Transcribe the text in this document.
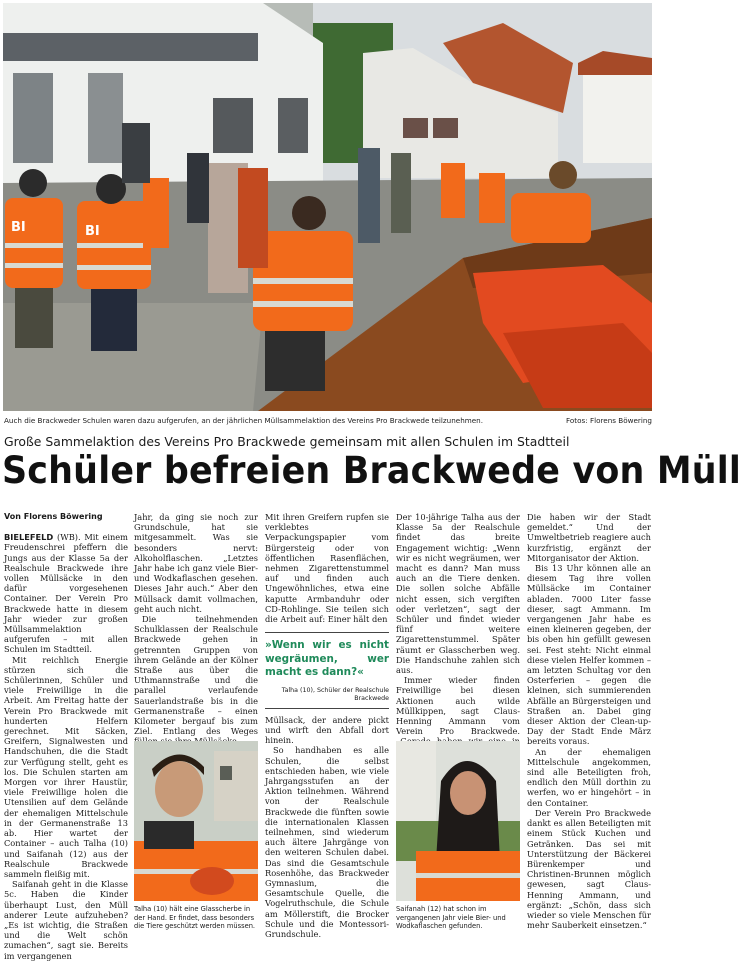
BI	BI
Auch die Brackweder Schulen waren dazu aufgerufen, an der jährlichen Müllsammelaktion des Vereins Pro Brackwede teilzunehmen.	Fotos: Florens Böwering
Große Sammelaktion des Vereins Pro Brackwede gemeinsam mit allen Schulen im Stadtteil
Schüler befreien Brackwede von Müll

Von Florens Böwering

BIELEFELD (WB). Mit einem Freudenschrei pfeffern die Jungs aus der Klasse 5a der Realschule Brackwede ihre vollen Müllsäcke in den dafür vorgesehenen Container. Der Verein Pro Brackwede hatte in diesem Jahr wieder zur großen Müllsammelaktion aufgerufen – mit allen Schulen im Stadtteil.

Mit reichlich Energie stürzen sich die Schülerinnen, Schüler und viele Freiwillige in die Arbeit. Am Freitag hatte der Verein Pro Brackwede mit hunderten Helfern gerechnet. Mit Säcken, Greifern, Signalwesten und Handschuhen, die die Stadt zur Verfügung stellt, geht es los. Die Schulen starten am Morgen vor ihrer Haustür, viele Freiwillige holen die Utensilien auf dem Gelände der ehemaligen Mittelschule in der Germanenstraße 13 ab. Hier wartet der Container – auch Talha (10) und Saifanah (12) aus der Realschule Brackwede sammeln fleißig mit.

Saifanah geht in die Klasse 5c. Haben die Kinder überhaupt Lust, den Müll anderer Leute aufzuheben? „Es ist wichtig, die Straßen und die Welt schön zumachen“, sagt sie. Bereits im vergangenen

Jahr, da ging sie noch zur Grundschule, hat sie mitgesammelt. Was sie besonders nervt: Alkoholflaschen. „Letztes Jahr habe ich ganz viele Bier- und Wodkaflaschen gesehen. Dieses Jahr auch.“ Aber den Müllsack damit vollmachen, geht auch nicht.

Die teilnehmenden Schulklassen der Realschule Brackwede gehen in getrennten Gruppen von ihrem Gelände an der Kölner Straße aus über die Uthmannstraße und die parallel verlaufende Sauerlandstraße bis in die Germanenstraße – einen Kilometer bergauf bis zum Ziel. Entlang des Weges

Talha (10) hält eine Glasscherbe in der Hand. Er findet, dass besonders die Tiere geschützt werden müssen.

Mit ihren Greifern rupfen sie verklebtes Verpackungspapier vom Bürgersteig oder von öffentlichen Rasenflächen, nehmen Zigarettenstummel auf und finden auch Ungewöhnliches, etwa eine kaputte Armbanduhr oder CD-Rohlinge. Sie teilen sich die Arbeit auf: Einer hält den

»Wenn wir es nicht wegräumen, wer macht es dann?«
Talha (10), Schüler der Realschule Brackwede

Müllsack, der andere pickt und wirft den Abfall dort hinein.

So handhaben es alle Schulen, die selbst entschieden haben, wie viele Jahrgangsstufen an der Aktion teilnehmen. Während von der Realschule Brackwede die fünften sowie die internationalen Klassen teilnehmen, sind wiederum auch ältere Jahrgänge von den weiteren Schulen dabei. Das sind die Gesamtschule Rosenhöhe, das Brackweder Gymnasium, die Gesamtschule Quelle, die Vogelruthschule, die Schule am Möllerstift, die Brocker Schule und die Montessori-Grundschule.

Der 10-jährige Talha aus der Klasse 5a der Realschule findet das breite Engagement wichtig: „Wenn wir es nicht wegräumen, wer macht es dann? Man muss auch an die Tiere denken. Die sollen solche Abfälle nicht essen, sich vergiften oder verletzen“, sagt der Schüler und findet wieder fünf weitere Zigarettenstummel. Später räumt er Glasscherben weg. Die Handschuhe zahlen sich aus.

Immer wieder finden Freiwillige bei diesen Aktionen auch wilde Müllkippen, sagt Claus-Henning Ammann vom Verein Pro Brackwede.

Saifanah (12) hat schon im vergangenen Jahr viele Bier- und Wodkaflaschen gefunden.

Die haben wir der Stadt gemeldet.“ Und der Umweltbetrieb reagiere auch kurzfristig, ergänzt der Mitorganisator der Aktion.

Bis 13 Uhr können alle an diesem Tag ihre vollen Müllsäcke im Container abladen. 7000 Liter fasse dieser, sagt Ammann. Im vergangenen Jahr habe es einen kleineren gegeben, der bis oben hin gefüllt gewesen sei. Fest steht: Nicht einmal diese vielen Helfer kommen – am letzten Schultag vor den Osterferien – gegen die kleinen, sich summierenden Abfälle an Bürgersteigen und Straßen an. Dabei ging dieser Aktion der Clean-up-Day der Stadt Ende März bereits voraus.

An der ehemaligen Mittelschule angekommen, sind alle Beteiligten froh, endlich den Müll dorthin zu werfen, wo er hingehört – in den Container.

Der Verein Pro Brackwede dankt es allen Beteiligten mit einem Stück Kuchen und Getränken. Das sei mit Unterstützung der Bäckerei Bürenkemper und Christinen-Brunnen möglich gewesen, sagt Claus-Henning Ammann, und ergänzt: „Schön, dass sich wieder so viele Menschen für mehr Sauberkeit einsetzen.“
